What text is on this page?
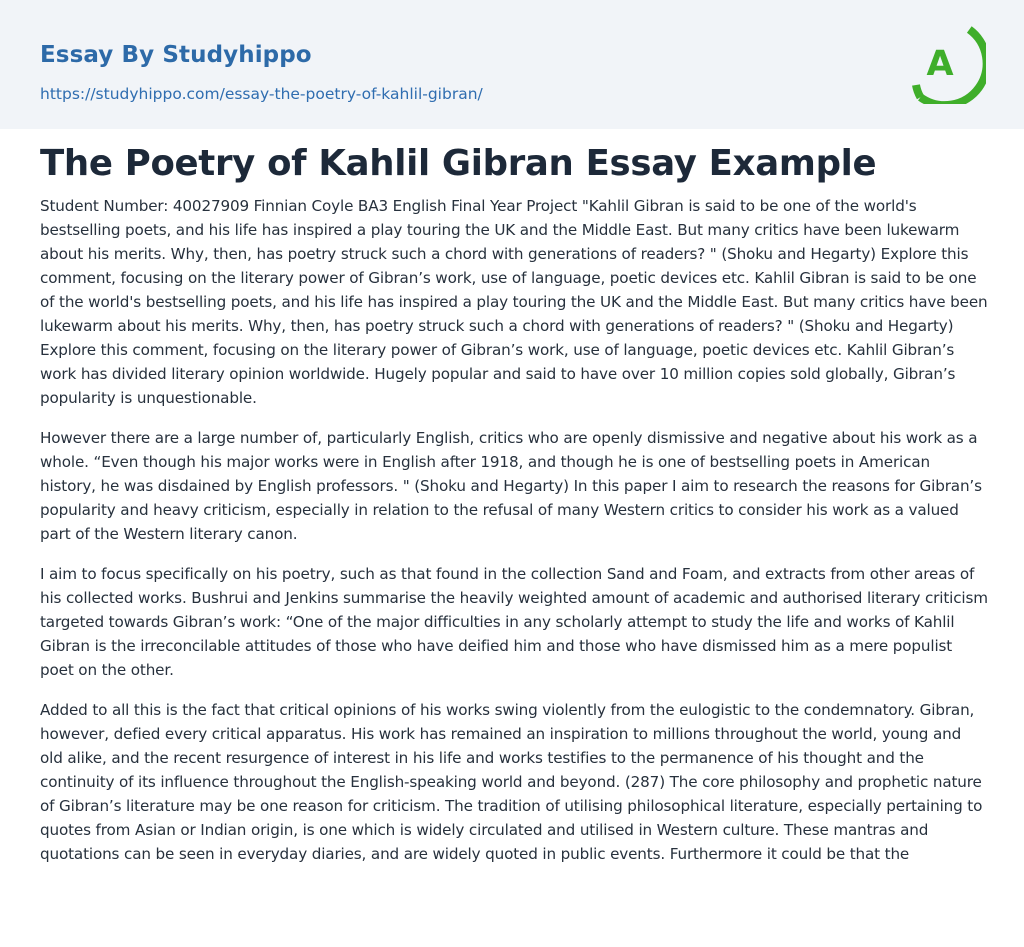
Essay By Studyhippo
https://studyhippo.com/essay-the-poetry-of-kahlil-gibran/
A
The Poetry of Kahlil Gibran Essay Example

Student Number: 40027909 Finnian Coyle BA3 English Final Year Project "Kahlil Gibran is said to be one of the world's bestselling poets, and his life has inspired a play touring the UK and the Middle East. But many critics have been lukewarm about his merits. Why, then, has poetry struck such a chord with generations of readers? " (Shoku and Hegarty) Explore this comment, focusing on the literary power of Gibran’s work, use of language, poetic devices etc. Kahlil Gibran is said to be one of the world's bestselling poets, and his life has inspired a play touring the UK and the Middle East. But many critics have been lukewarm about his merits. Why, then, has poetry struck such a chord with generations of readers? " (Shoku and Hegarty) Explore this comment, focusing on the literary power of Gibran’s work, use of language, poetic devices etc. Kahlil Gibran’s work has divided literary opinion worldwide. Hugely popular and said to have over 10 million copies sold globally, Gibran’s popularity is unquestionable.

However there are a large number of, particularly English, critics who are openly dismissive and negative about his work as a whole. “Even though his major works were in English after 1918, and though he is one of bestselling poets in American history, he was disdained by English professors. " (Shoku and Hegarty) In this paper I aim to research the reasons for Gibran’s popularity and heavy criticism, especially in relation to the refusal of many Western critics to consider his work as a valued part of the Western literary canon.

I aim to focus specifically on his poetry, such as that found in the collection Sand and Foam, and extracts from other areas of his collected works. Bushrui and Jenkins summarise the heavily weighted amount of academic and authorised literary criticism targeted towards Gibran’s work: “One of the major difficulties in any scholarly attempt to study the life and works of Kahlil Gibran is the irreconcilable attitudes of those who have deified him and those who have dismissed him as a mere populist poet on the other.

Added to all this is the fact that critical opinions of his works swing violently from the eulogistic to the condemnatory. Gibran, however, defied every critical apparatus. His work has remained an inspiration to millions throughout the world, young and old alike, and the recent resurgence of interest in his life and works testifies to the permanence of his thought and the continuity of its influence throughout the English-speaking world and beyond. (287) The core philosophy and prophetic nature of Gibran’s literature may be one reason for criticism. The tradition of utilising philosophical literature, especially pertaining to quotes from Asian or Indian origin, is one which is widely circulated and utilised in Western culture. These mantras and quotations can be seen in everyday diaries, and are widely quoted in public events. Furthermore it could be that the
